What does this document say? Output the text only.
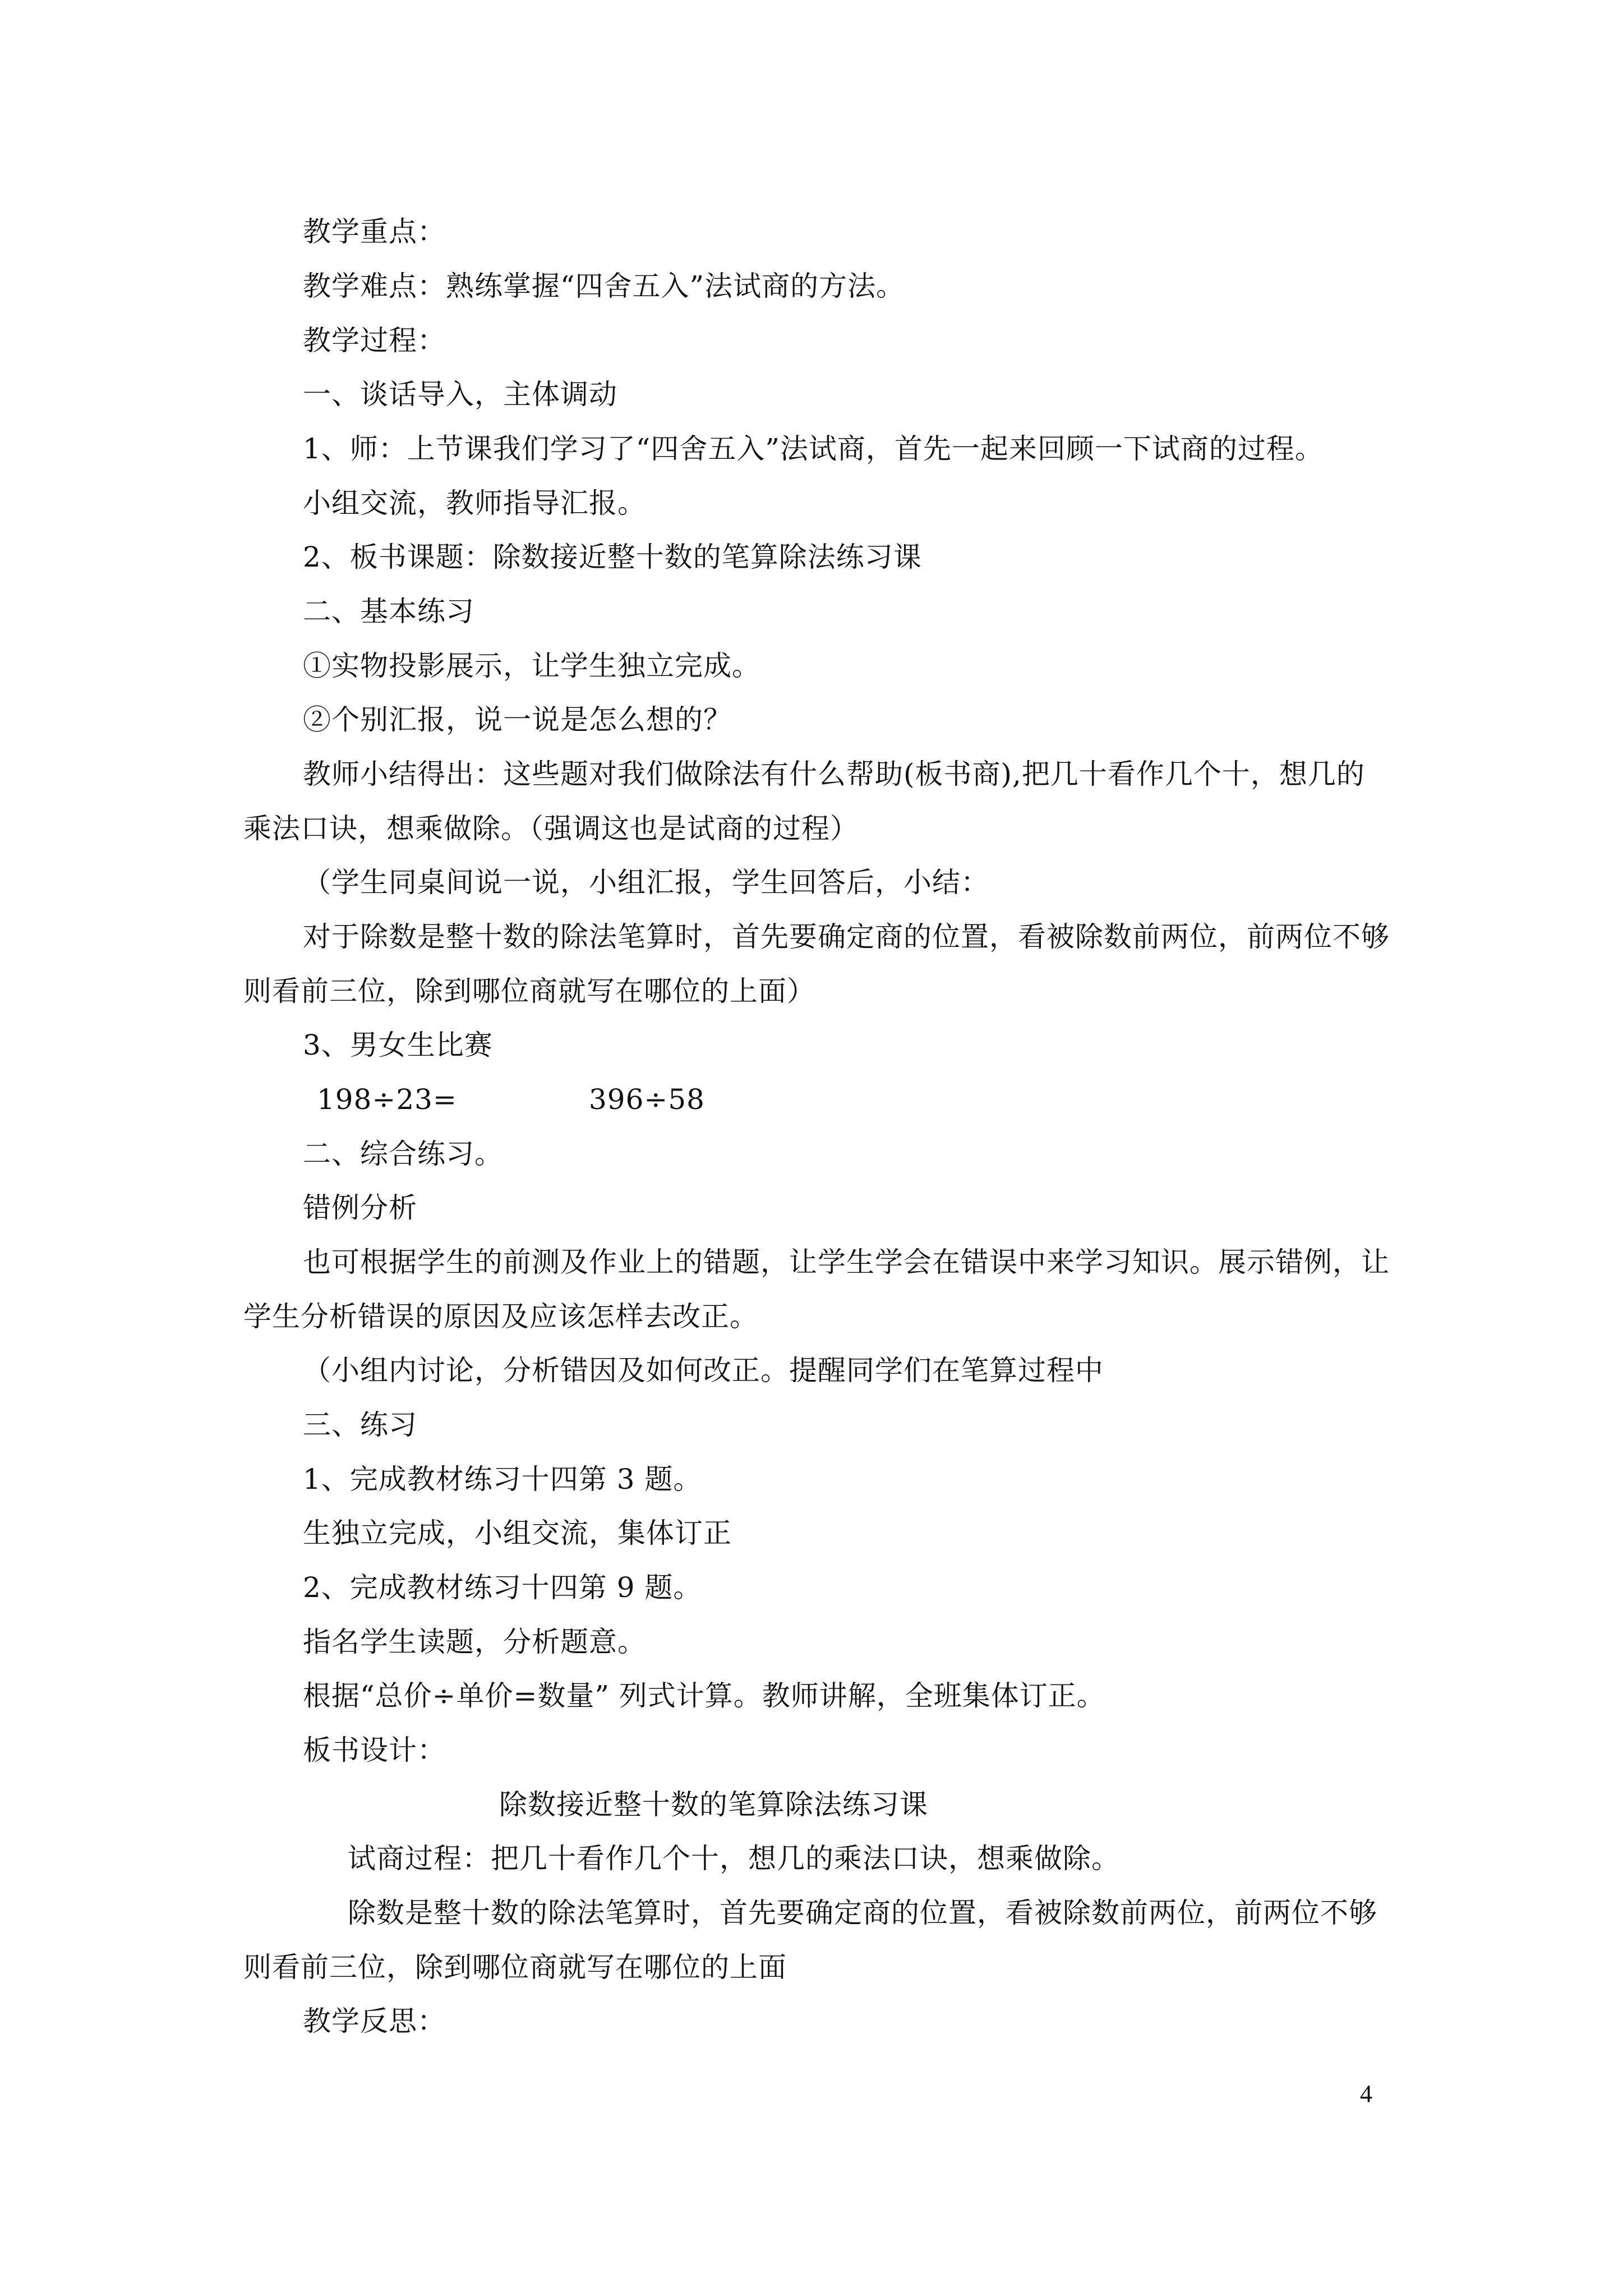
教学重点：
教学难点：熟练掌握“四舍五入”法试商的方法。
教学过程：
一、谈话导入，主体调动
1、师：上节课我们学习了“四舍五入”法试商，首先一起来回顾一下试商的过程。
小组交流，教师指导汇报。
2、板书课题：除数接近整十数的笔算除法练习课
二、基本练习
①实物投影展示，让学生独立完成。
②个别汇报，说一说是怎么想的？
教师小结得出：这些题对我们做除法有什么帮助(板书商),把几十看作几个十，想几的
乘法口诀，想乘做除。（强调这也是试商的过程）
（学生同桌间说一说，小组汇报，学生回答后，小结：
对于除数是整十数的除法笔算时，首先要确定商的位置，看被除数前两位，前两位不够
则看前三位，除到哪位商就写在哪位的上面）
3、男女生比赛
198÷23=	396÷58
二、综合练习。
错例分析
也可根据学生的前测及作业上的错题，让学生学会在错误中来学习知识。展示错例，让
学生分析错误的原因及应该怎样去改正。
（小组内讨论，分析错因及如何改正。提醒同学们在笔算过程中
三、练习
1、完成教材练习十四第 3 题。
生独立完成，小组交流，集体订正
2、完成教材练习十四第 9 题。
指名学生读题，分析题意。
根据“总价÷单价=数量” 列式计算。教师讲解，全班集体订正。
板书设计：
除数接近整十数的笔算除法练习课
试商过程：把几十看作几个十，想几的乘法口诀，想乘做除。
除数是整十数的除法笔算时，首先要确定商的位置，看被除数前两位，前两位不够
则看前三位，除到哪位商就写在哪位的上面
教学反思：
4
